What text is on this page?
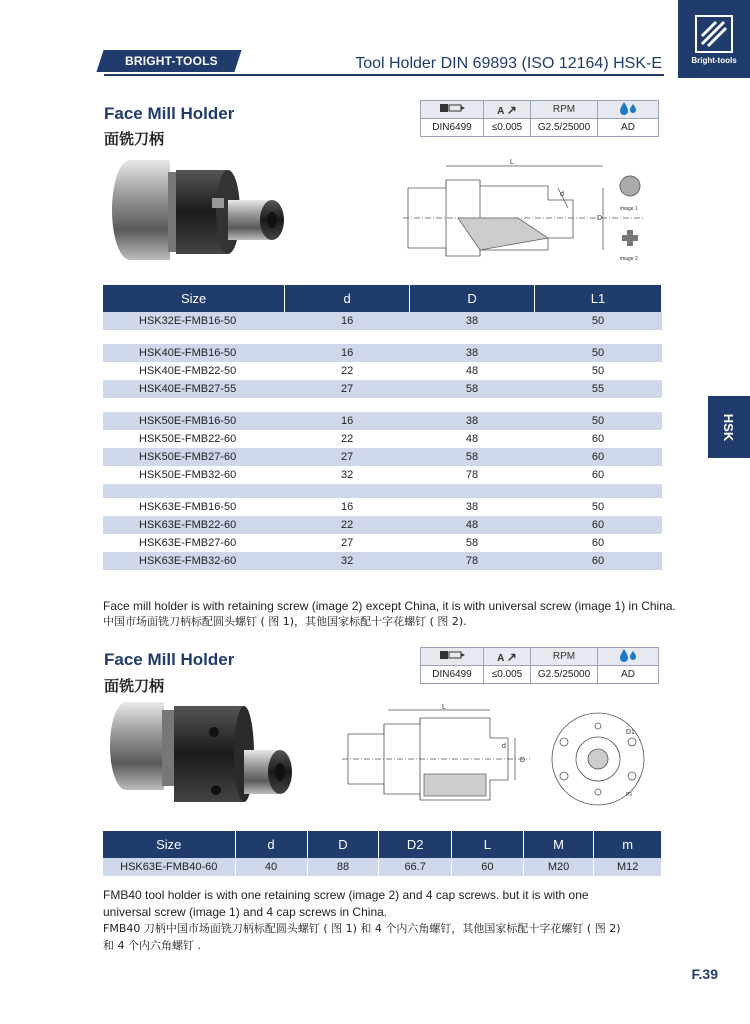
BRIGHT-TOOLS	Tool Holder DIN 69893 (ISO 12164) HSK-E	Bright-tools
HSK
Face Mill Holder
面铣刀柄
	A ↗	RPM	
DIN6499	≤0.005	G2.5/25000	AD
L
d
D
image 1
image 2
Size	d	D	L1
HSK32E-FMB16-50	16	38	50

HSK40E-FMB16-50	16	38	50
HSK40E-FMB22-50	22	48	50
HSK40E-FMB27-55	27	58	55

HSK50E-FMB16-50	16	38	50
HSK50E-FMB22-60	22	48	60
HSK50E-FMB27-60	27	58	60
HSK50E-FMB32-60	32	78	60

HSK63E-FMB16-50	16	38	50
HSK63E-FMB22-60	22	48	60
HSK63E-FMB27-60	27	58	60
HSK63E-FMB32-60	32	78	60
Face mill holder is with retaining screw (image 2) except China, it is with universal screw (image 1) in China.
中国市场面铣刀柄标配圆头螺钉 ( 图 1)，其他国家标配十字花螺钉 ( 图 2).
Face Mill Holder
面铣刀柄
	A ↗	RPM	
DIN6499	≤0.005	G2.5/25000	AD
L
d
D
D1
m
Size	d	D	D2	L	M	m
HSK63E-FMB40-60	40	88	66.7	60	M20	M12
FMB40 tool holder is with one retaining screw (image 2) and 4 cap screws. but it is with one
universal screw (image 1) and 4 cap screws in China.
FMB40 刀柄中国市场面铣刀柄标配圆头螺钉 ( 图 1) 和 4 个内六角螺钉，其他国家标配十字花螺钉 ( 图 2)
和 4 个内六角螺钉 .
F.39
